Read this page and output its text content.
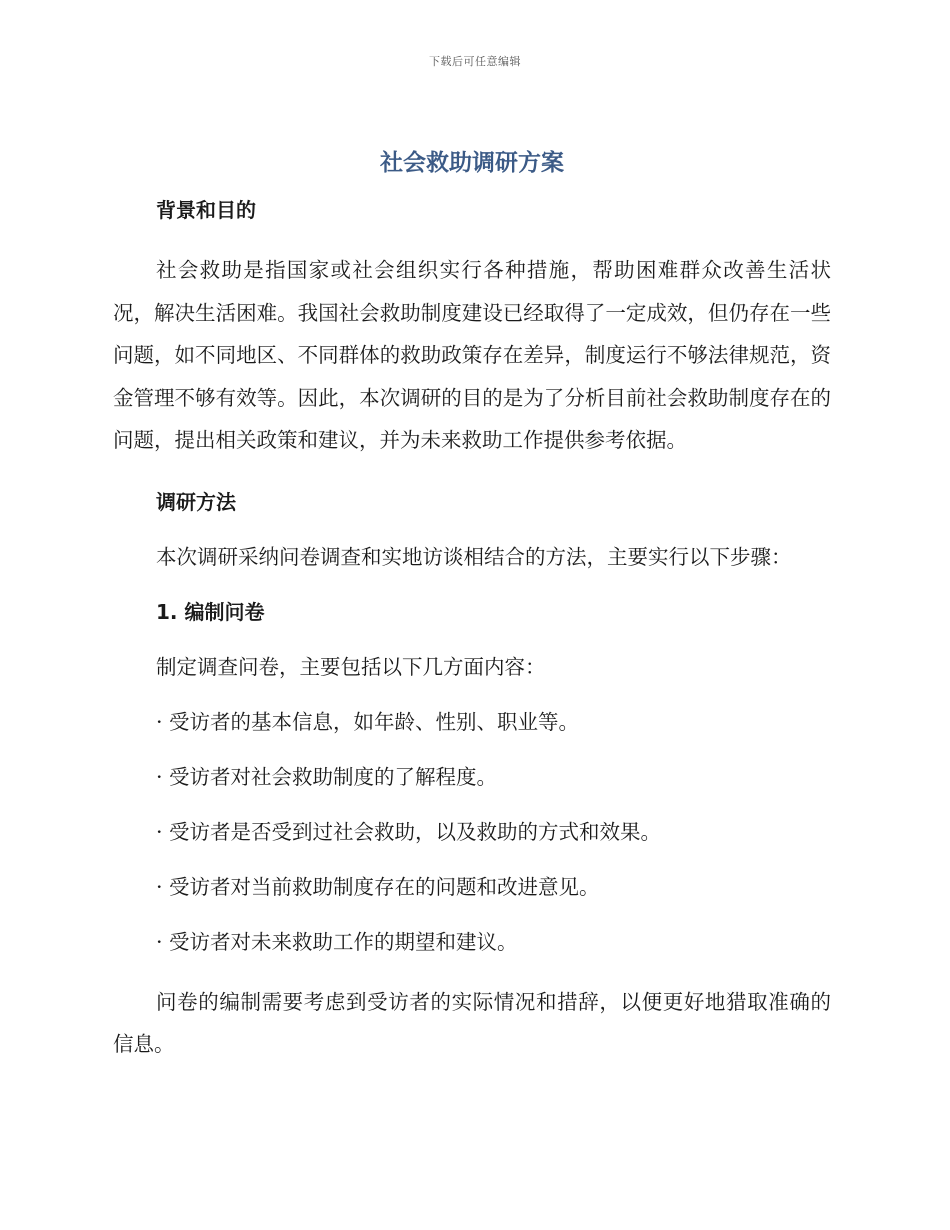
下载后可任意编辑
社会救助调研方案
背景和目的

社会救助是指国家或社会组织实行各种措施，帮助困难群众改善生活状况，解决生活困难。我国社会救助制度建设已经取得了一定成效，但仍存在一些问题，如不同地区、不同群体的救助政策存在差异，制度运行不够法律规范，资金管理不够有效等。因此，本次调研的目的是为了分析目前社会救助制度存在的问题，提出相关政策和建议，并为未来救助工作提供参考依据。

调研方法

本次调研采纳问卷调查和实地访谈相结合的方法，主要实行以下步骤：

1. 编制问卷

制定调查问卷，主要包括以下几方面内容：

· 受访者的基本信息，如年龄、性别、职业等。

· 受访者对社会救助制度的了解程度。

· 受访者是否受到过社会救助，以及救助的方式和效果。

· 受访者对当前救助制度存在的问题和改进意见。

· 受访者对未来救助工作的期望和建议。

问卷的编制需要考虑到受访者的实际情况和措辞，以便更好地猎取准确的信息。
